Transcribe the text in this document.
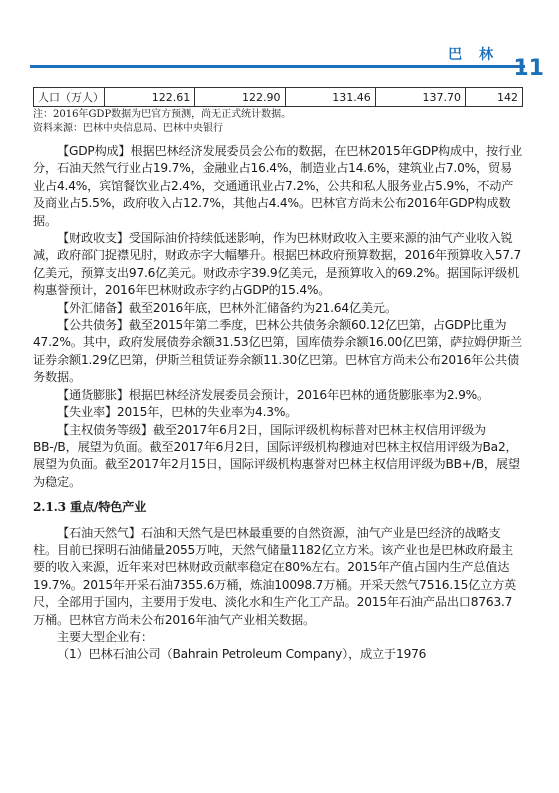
巴 林
11
人口（万人）	122.61	122.90	131.46	137.70	142
注：2016年GDP数据为巴官方预测，尚无正式统计数据。
资料来源：巴林中央信息局、巴林中央银行

【GDP构成】根据巴林经济发展委员会公布的数据，在巴林2015年GDP构成中，按行业分，石油天然气行业占19.7%，金融业占16.4%，制造业占14.6%，建筑业占7.0%，贸易业占4.4%，宾馆餐饮业占2.4%，交通通讯业占7.2%，公共和私人服务业占5.9%，不动产及商业占5.5%，政府收入占12.7%，其他占4.4%。巴林官方尚未公布2016年GDP构成数据。

【财政收支】受国际油价持续低迷影响，作为巴林财政收入主要来源的油气产业收入锐减，政府部门捉襟见肘，财政赤字大幅攀升。根据巴林政府预算数据，2016年预算收入57.7亿美元，预算支出97.6亿美元。财政赤字39.9亿美元，是预算收入的69.2%。据国际评级机构惠誉预计，2016年巴林财政赤字约占GDP的15.4%。

【外汇储备】截至2016年底，巴林外汇储备约为21.64亿美元。

【公共债务】截至2015年第二季度，巴林公共债务余额60.12亿巴第，占GDP比重为47.2%。其中，政府发展债券余额31.53亿巴第，国库债券余额16.00亿巴第，萨拉姆伊斯兰证券余额1.29亿巴第，伊斯兰租赁证券余额11.30亿巴第。巴林官方尚未公布2016年公共债务数据。

【通货膨胀】根据巴林经济发展委员会预计，2016年巴林的通货膨胀率为2.9%。

【失业率】2015年，巴林的失业率为4.3%。

【主权债务等级】截至2017年6月2日，国际评级机构标普对巴林主权信用评级为BB-/B，展望为负面。截至2017年6月2日，国际评级机构穆迪对巴林主权信用评级为Ba2，展望为负面。截至2017年2月15日，国际评级机构惠誉对巴林主权信用评级为BB+/B，展望为稳定。

2.1.3 重点/特色产业

【石油天然气】石油和天然气是巴林最重要的自然资源，油气产业是巴经济的战略支柱。目前已探明石油储量2055万吨，天然气储量1182亿立方米。该产业也是巴林政府最主要的收入来源，近年来对巴林财政贡献率稳定在80%左右。2015年产值占国内生产总值达19.7%。2015年开采石油7355.6万桶，炼油10098.7万桶。开采天然气7516.15亿立方英尺，全部用于国内，主要用于发电、淡化水和生产化工产品。2015年石油产品出口8763.7万桶。巴林官方尚未公布2016年油气产业相关数据。

主要大型企业有：

（1）巴林石油公司（Bahrain Petroleum Company），成立于1976
